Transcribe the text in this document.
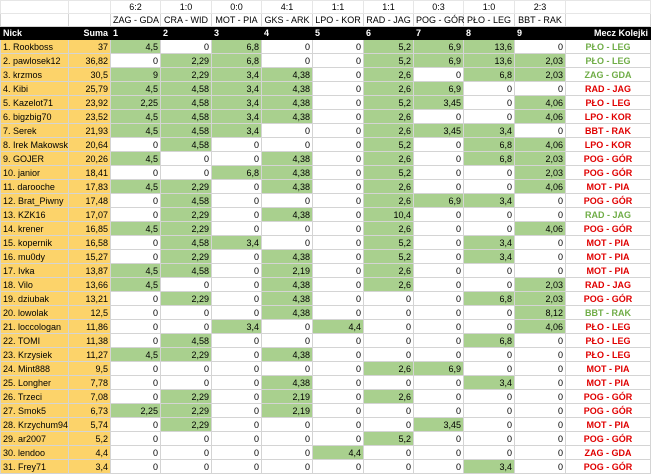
		6:2	1:0	0:0	4:1	1:1	1:1	0:3	1:0	2:3	
		ZAG - GDA	CRA - WID	MOT - PIA	GKS - ARK	LPO - KOR	RAD - JAG	POG - GÓR	PŁO - LEG	BBT - RAK	
Nick	Suma	1	2	3	4	5	6	7	8	9	Mecz Kolejki
1. Rookboss	37	4,5	0	6,8	0	0	5,2	6,9	13,6	0	PŁO - LEG
2. pawlosek12	36,82	0	2,29	6,8	0	0	5,2	6,9	13,6	2,03	PŁO - LEG
3. krzmos	30,5	9	2,29	3,4	4,38	0	2,6	0	6,8	2,03	ZAG - GDA
4. Kibi	25,79	4,5	4,58	3,4	4,38	0	2,6	6,9	0	0	RAD - JAG
5. Kazelot71	23,92	2,25	4,58	3,4	4,38	0	5,2	3,45	0	4,06	PŁO - LEG
6. bigzbig70	23,52	4,5	4,58	3,4	4,38	0	2,6	0	0	4,06	LPO - KOR
7. Serek	21,93	4,5	4,58	3,4	0	0	2,6	3,45	3,4	0	BBT - RAK
8. Irek Makowsk	20,64	0	4,58	0	0	0	5,2	0	6,8	4,06	LPO - KOR
9. GOJER	20,26	4,5	0	0	4,38	0	2,6	0	6,8	2,03	POG - GÓR
10. janior	18,41	0	0	6,8	4,38	0	5,2	0	0	2,03	POG - GÓR
11. darooche	17,83	4,5	2,29	0	4,38	0	2,6	0	0	4,06	MOT - PIA
12. Brat_Piwny	17,48	0	4,58	0	0	0	2,6	6,9	3,4	0	POG - GÓR
13. KZK16	17,07	0	2,29	0	4,38	0	10,4	0	0	0	RAD - JAG
14. krener	16,85	4,5	2,29	0	0	0	2,6	0	0	4,06	POG - GÓR
15. kopernik	16,58	0	4,58	3,4	0	0	5,2	0	3,4	0	MOT - PIA
16. mu0dy	15,27	0	2,29	0	4,38	0	5,2	0	3,4	0	MOT - PIA
17. Ivka	13,87	4,5	4,58	0	2,19	0	2,6	0	0	0	MOT - PIA
18. Vilo	13,66	4,5	0	0	4,38	0	2,6	0	0	2,03	RAD - JAG
19. dziubak	13,21	0	2,29	0	4,38	0	0	0	6,8	2,03	POG - GÓR
20. lowolak	12,5	0	0	0	4,38	0	0	0	0	8,12	BBT - RAK
21. loccologan	11,86	0	0	3,4	0	4,4	0	0	0	4,06	PŁO - LEG
22. TOMI	11,38	0	4,58	0	0	0	0	0	6,8	0	PŁO - LEG
23. Krzysiek	11,27	4,5	2,29	0	4,38	0	0	0	0	0	PŁO - LEG
24. Mint888	9,5	0	0	0	0	0	2,6	6,9	0	0	MOT - PIA
25. Longher	7,78	0	0	0	4,38	0	0	0	3,4	0	MOT - PIA
26. Trzeci	7,08	0	2,29	0	2,19	0	2,6	0	0	0	POG - GÓR
27. Smok5	6,73	2,25	2,29	0	2,19	0	0	0	0	0	POG - GÓR
28. Krzychum94	5,74	0	2,29	0	0	0	0	3,45	0	0	MOT - PIA
29. ar2007	5,2	0	0	0	0	0	5,2	0	0	0	POG - GÓR
30. lendoo	4,4	0	0	0	0	4,4	0	0	0	0	ZAG - GDA
31. Frey71	3,4	0	0	0	0	0	0	0	3,4	0	POG - GÓR
